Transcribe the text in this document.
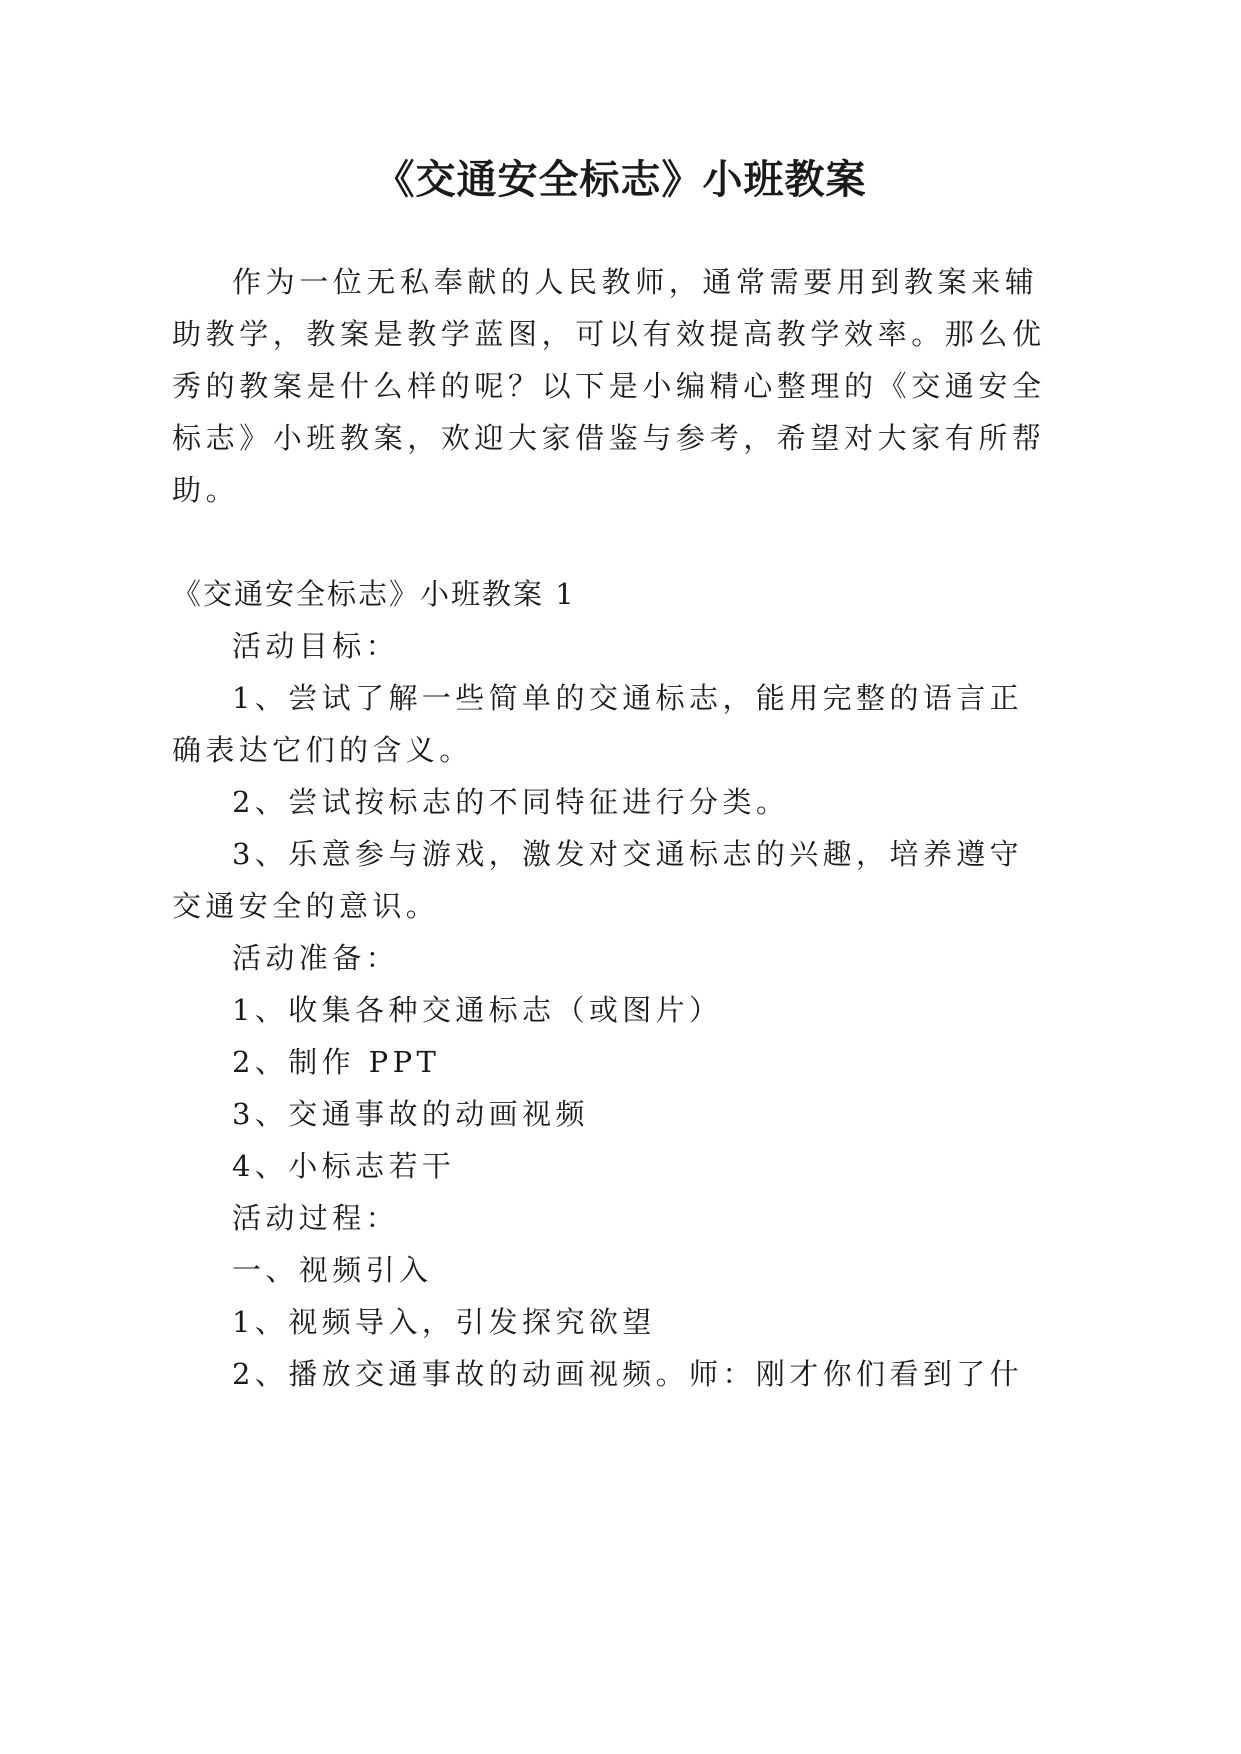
《交通安全标志》小班教案
作为一位无私奉献的人民教师，通常需要用到教案来辅
助教学，教案是教学蓝图，可以有效提高教学效率。那么优
秀的教案是什么样的呢？以下是小编精心整理的《交通安全
标志》小班教案，欢迎大家借鉴与参考，希望对大家有所帮
助。
《交通安全标志》小班教案 1
活动目标：
1、尝试了解一些简单的交通标志，能用完整的语言正
确表达它们的含义。
2、尝试按标志的不同特征进行分类。
3、乐意参与游戏，激发对交通标志的兴趣，培养遵守
交通安全的意识。
活动准备：
1、收集各种交通标志（或图片）
2、制作 PPT
3、交通事故的动画视频
4、小标志若干
活动过程：
一、视频引入
1、视频导入，引发探究欲望
2、播放交通事故的动画视频。师：刚才你们看到了什
